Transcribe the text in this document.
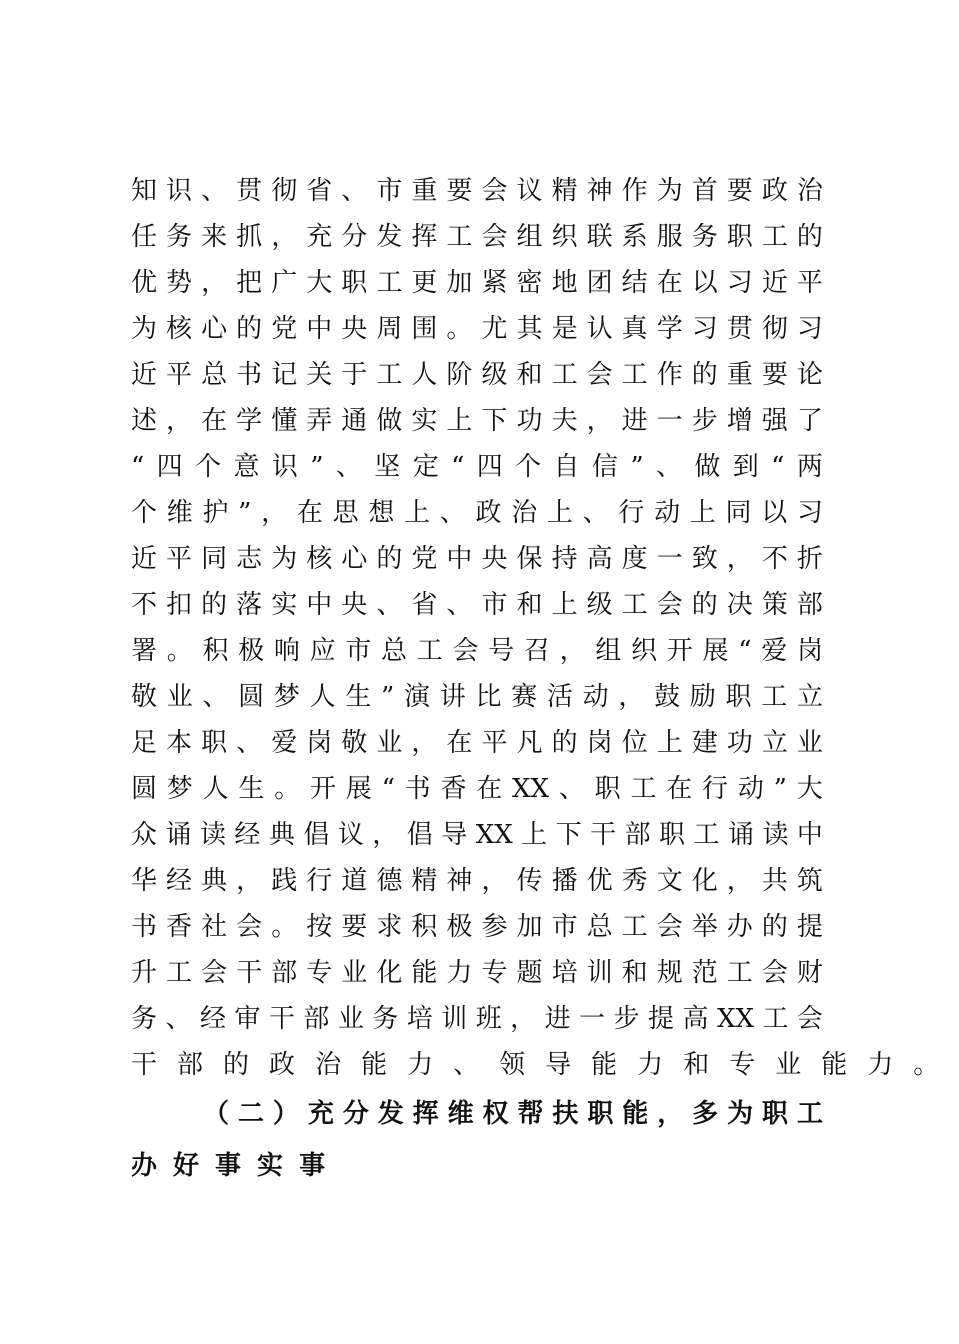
知 识 、 贯 彻 省 、 市 重 要 会 议 精 神 作 为 首 要 政 治
任 务 来 抓 ， 充 分 发 挥 工 会 组 织 联 系 服 务 职 工 的
优 势 ， 把 广 大 职 工 更 加 紧 密 地 团 结 在 以 习 近 平
为 核 心 的 党 中 央 周 围 。 尤 其 是 认 真 学 习 贯 彻 习
近 平 总 书 记 关 于 工 人 阶 级 和 工 会 工 作 的 重 要 论
述 ， 在 学 懂 弄 通 做 实 上 下 功 夫 ， 进 一 步 增 强 了
“ 四 个 意 识 ” 、 坚 定 “ 四 个 自 信 ” 、 做 到 “ 两
个 维 护 ” ， 在 思 想 上 、 政 治 上 、 行 动 上 同 以 习
近 平 同 志 为 核 心 的 党 中 央 保 持 高 度 一 致 ， 不 折
不 扣 的 落 实 中 央 、 省 、 市 和 上 级 工 会 的 决 策 部
署 。 积 极 响 应 市 总 工 会 号 召 ， 组 织 开 展 “ 爱 岗
敬 业 、 圆 梦 人 生 ” 演 讲 比 赛 活 动 ， 鼓 励 职 工 立
足 本 职 、 爱 岗 敬 业 ， 在 平 凡 的 岗 位 上 建 功 立 业
圆 梦 人 生 。 开 展 “ 书 香 在 XX 、 职 工 在 行 动 ” 大
众 诵 读 经 典 倡 议 ， 倡 导 XX 上 下 干 部 职 工 诵 读 中
华 经 典 ， 践 行 道 德 精 神 ， 传 播 优 秀 文 化 ， 共 筑
书 香 社 会 。 按 要 求 积 极 参 加 市 总 工 会 举 办 的 提
升 工 会 干 部 专 业 化 能 力 专 题 培 训 和 规 范 工 会 财
务 、 经 审 干 部 业 务 培 训 班 ， 进 一 步 提 高 XX 工 会
干 部 的 政 治 能 力 、 领 导 能 力 和 专 业 能 力 。
（ 二 ） 充 分 发 挥 维 权 帮 扶 职 能 ， 多 为 职 工
办 好 事 实 事
